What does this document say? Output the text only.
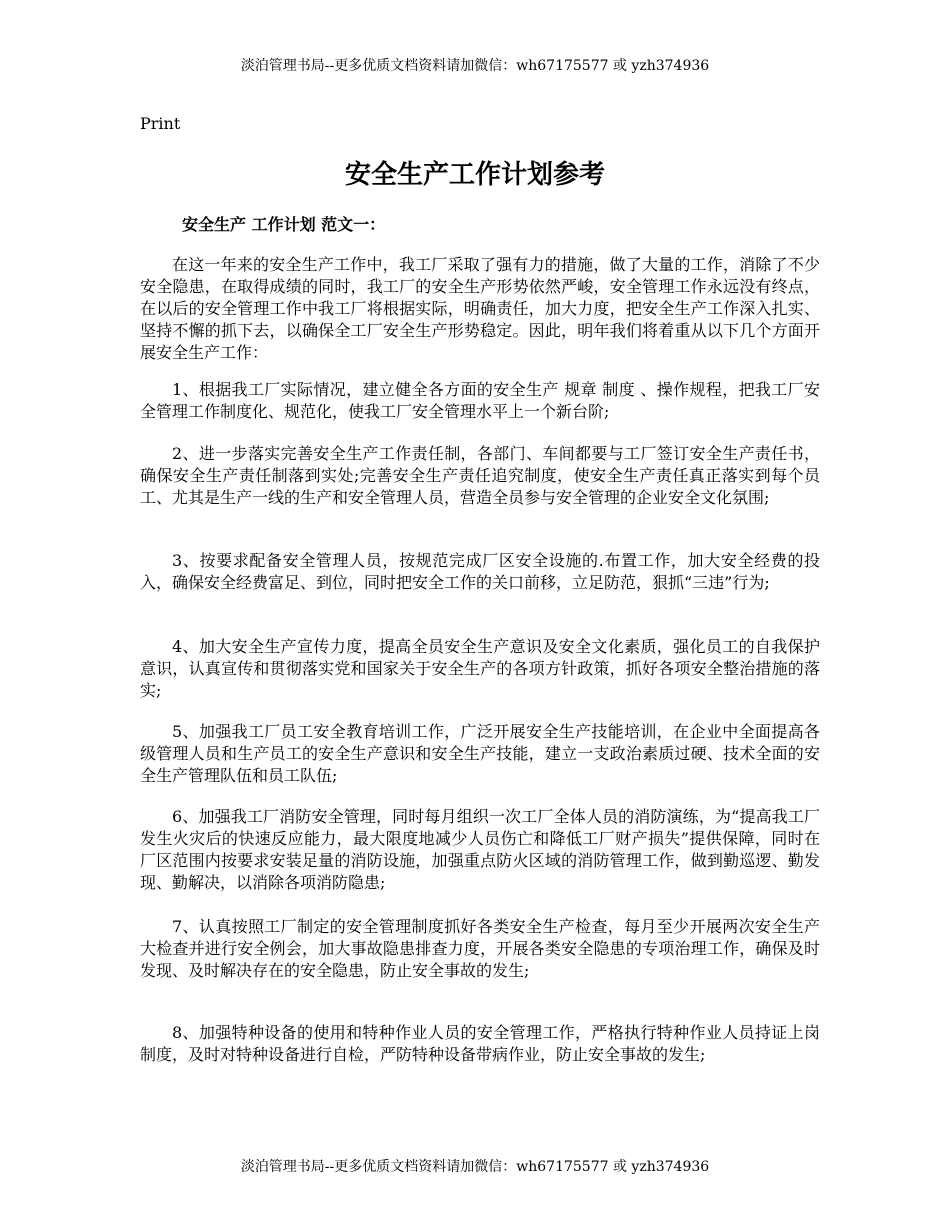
淡泊管理书局--更多优质文档资料请加微信：wh67175577 或 yzh374936
Print
安全生产工作计划参考
安全生产 工作计划 范文一：

在这一年来的安全生产工作中，我工厂采取了强有力的措施，做了大量的工作，消除了不少安全隐患，在取得成绩的同时，我工厂的安全生产形势依然严峻，安全管理工作永远没有终点，在以后的安全管理工作中我工厂将根据实际，明确责任，加大力度，把安全生产工作深入扎实、坚持不懈的抓下去，以确保全工厂安全生产形势稳定。因此，明年我们将着重从以下几个方面开展安全生产工作：

1、根据我工厂实际情况，建立健全各方面的安全生产 规章 制度 、操作规程，把我工厂安全管理工作制度化、规范化，使我工厂安全管理水平上一个新台阶;

2、进一步落实完善安全生产工作责任制，各部门、车间都要与工厂签订安全生产责任书，确保安全生产责任制落到实处;完善安全生产责任追究制度，使安全生产责任真正落实到每个员工、尤其是生产一线的生产和安全管理人员，营造全员参与安全管理的企业安全文化氛围;

3、按要求配备安全管理人员，按规范完成厂区安全设施的.布置工作，加大安全经费的投入，确保安全经费富足、到位，同时把安全工作的关口前移，立足防范，狠抓“三违”行为;

4、加大安全生产宣传力度，提高全员安全生产意识及安全文化素质，强化员工的自我保护意识，认真宣传和贯彻落实党和国家关于安全生产的各项方针政策，抓好各项安全整治措施的落实;

5、加强我工厂员工安全教育培训工作，广泛开展安全生产技能培训，在企业中全面提高各级管理人员和生产员工的安全生产意识和安全生产技能，建立一支政治素质过硬、技术全面的安全生产管理队伍和员工队伍;

6、加强我工厂消防安全管理，同时每月组织一次工厂全体人员的消防演练，为“提高我工厂发生火灾后的快速反应能力，最大限度地减少人员伤亡和降低工厂财产损失”提供保障，同时在厂区范围内按要求安装足量的消防设施，加强重点防火区域的消防管理工作，做到勤巡逻、勤发现、勤解决，以消除各项消防隐患;

7、认真按照工厂制定的安全管理制度抓好各类安全生产检查，每月至少开展两次安全生产大检查并进行安全例会，加大事故隐患排查力度，开展各类安全隐患的专项治理工作，确保及时发现、及时解决存在的安全隐患，防止安全事故的发生;

8、加强特种设备的使用和特种作业人员的安全管理工作，严格执行特种作业人员持证上岗制度，及时对特种设备进行自检，严防特种设备带病作业，防止安全事故的发生;

淡泊管理书局--更多优质文档资料请加微信：wh67175577 或 yzh374936
